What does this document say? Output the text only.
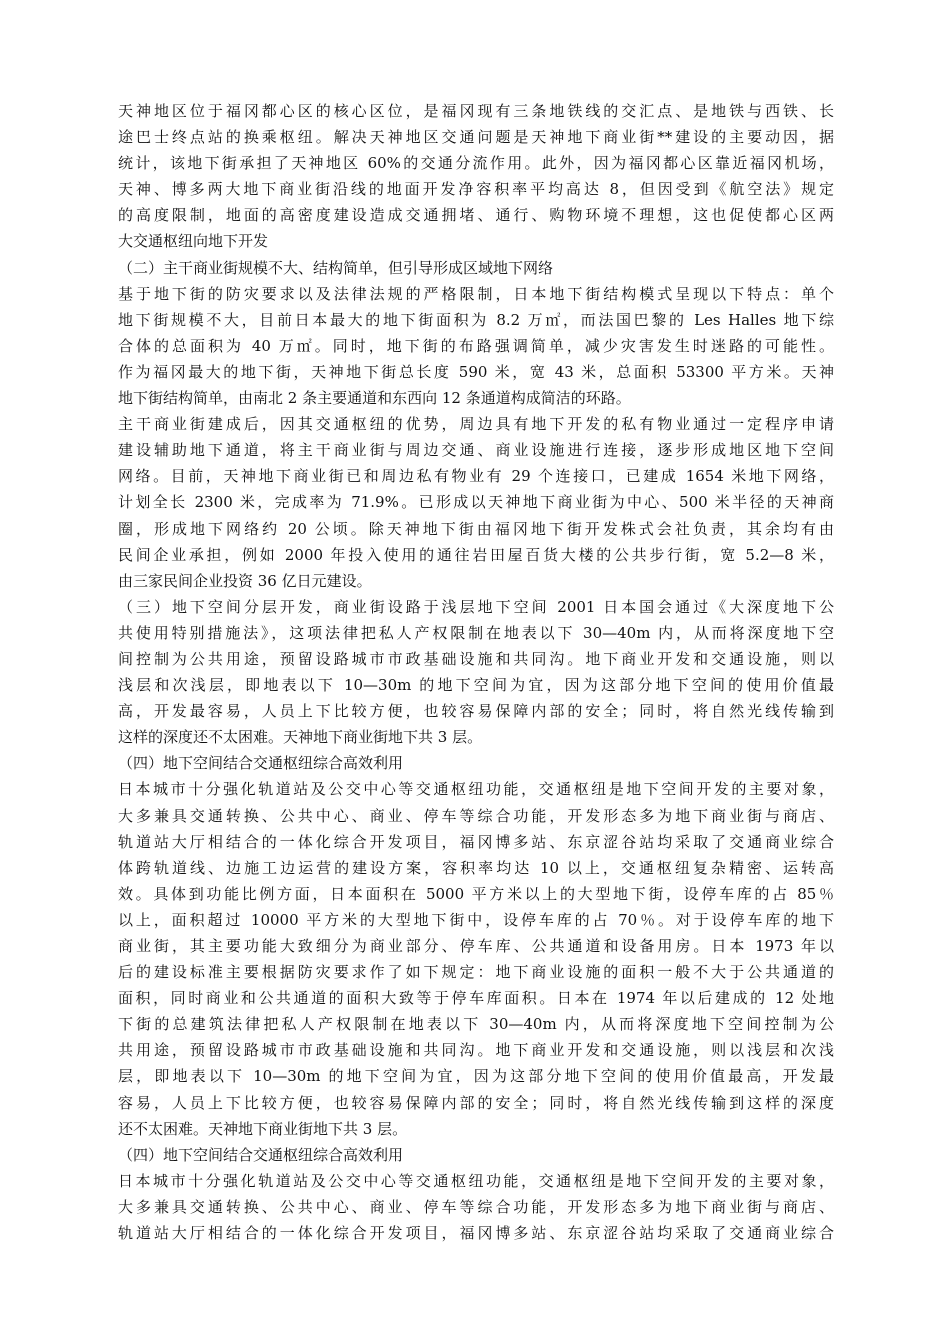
天神地区位于福冈都心区的核心区位，是福冈现有三条地铁线的交汇点、是地铁与西铁、长
途巴士终点站的换乘枢纽。解决天神地区交通问题是天神地下商业街**建设的主要动因，据
统计，该地下街承担了天神地区 60%的交通分流作用。此外，因为福冈都心区靠近福冈机场，
天神、博多两大地下商业街沿线的地面开发净容积率平均高达 8，但因受到《航空法》规定
的高度限制，地面的高密度建设造成交通拥堵、通行、购物环境不理想，这也促使都心区两
大交通枢纽向地下开发
（二）主干商业街规模不大、结构简单，但引导形成区域地下网络
基于地下街的防灾要求以及法律法规的严格限制，日本地下街结构模式呈现以下特点：单个
地下街规模不大，目前日本最大的地下街面积为 8.2 万㎡，而法国巴黎的 Les Halles 地下综
合体的总面积为 40 万㎡。同时，地下街的布路强调简单，减少灾害发生时迷路的可能性。
作为福冈最大的地下街，天神地下街总长度 590 米，宽 43 米，总面积 53300 平方米。天神
地下街结构简单，由南北 2 条主要通道和东西向 12 条通道构成简洁的环路。
主干商业街建成后，因其交通枢纽的优势，周边具有地下开发的私有物业通过一定程序申请
建设辅助地下通道，将主干商业街与周边交通、商业设施进行连接，逐步形成地区地下空间
网络。目前，天神地下商业街已和周边私有物业有 29 个连接口，已建成 1654 米地下网络，
计划全长 2300 米，完成率为 71.9%。已形成以天神地下商业街为中心、500 米半径的天神商
圈，形成地下网络约 20 公顷。除天神地下街由福冈地下街开发株式会社负责，其余均有由
民间企业承担，例如 2000 年投入使用的通往岩田屋百货大楼的公共步行街，宽 5.2—8 米，
由三家民间企业投资 36 亿日元建设。
（三）地下空间分层开发，商业街设路于浅层地下空间 2001 日本国会通过《大深度地下公
共使用特别措施法》，这项法律把私人产权限制在地表以下 30—40m 内，从而将深度地下空
间控制为公共用途，预留设路城市市政基础设施和共同沟。地下商业开发和交通设施，则以
浅层和次浅层，即地表以下 10—30m 的地下空间为宜，因为这部分地下空间的使用价值最
高，开发最容易，人员上下比较方便，也较容易保障内部的安全；同时，将自然光线传输到
这样的深度还不太困难。天神地下商业街地下共 3 层。
（四）地下空间结合交通枢纽综合高效利用
日本城市十分强化轨道站及公交中心等交通枢纽功能，交通枢纽是地下空间开发的主要对象，
大多兼具交通转换、公共中心、商业、停车等综合功能，开发形态多为地下商业街与商店、
轨道站大厅相结合的一体化综合开发项目，福冈博多站、东京涩谷站均采取了交通商业综合
体跨轨道线、边施工边运营的建设方案，容积率均达 10 以上，交通枢纽复杂精密、运转高
效。具体到功能比例方面，日本面积在 5000 平方米以上的大型地下街，设停车库的占 85％
以上，面积超过 10000 平方米的大型地下街中，设停车库的占 70％。对于设停车库的地下
商业街，其主要功能大致细分为商业部分、停车库、公共通道和设备用房。日本 1973 年以
后的建设标准主要根据防灾要求作了如下规定：地下商业设施的面积一般不大于公共通道的
面积，同时商业和公共通道的面积大致等于停车库面积。日本在 1974 年以后建成的 12 处地
下街的总建筑法律把私人产权限制在地表以下 30—40m 内，从而将深度地下空间控制为公
共用途，预留设路城市市政基础设施和共同沟。地下商业开发和交通设施，则以浅层和次浅
层，即地表以下 10—30m 的地下空间为宜，因为这部分地下空间的使用价值最高，开发最
容易，人员上下比较方便，也较容易保障内部的安全；同时，将自然光线传输到这样的深度
还不太困难。天神地下商业街地下共 3 层。
（四）地下空间结合交通枢纽综合高效利用
日本城市十分强化轨道站及公交中心等交通枢纽功能，交通枢纽是地下空间开发的主要对象，
大多兼具交通转换、公共中心、商业、停车等综合功能，开发形态多为地下商业街与商店、
轨道站大厅相结合的一体化综合开发项目，福冈博多站、东京涩谷站均采取了交通商业综合
